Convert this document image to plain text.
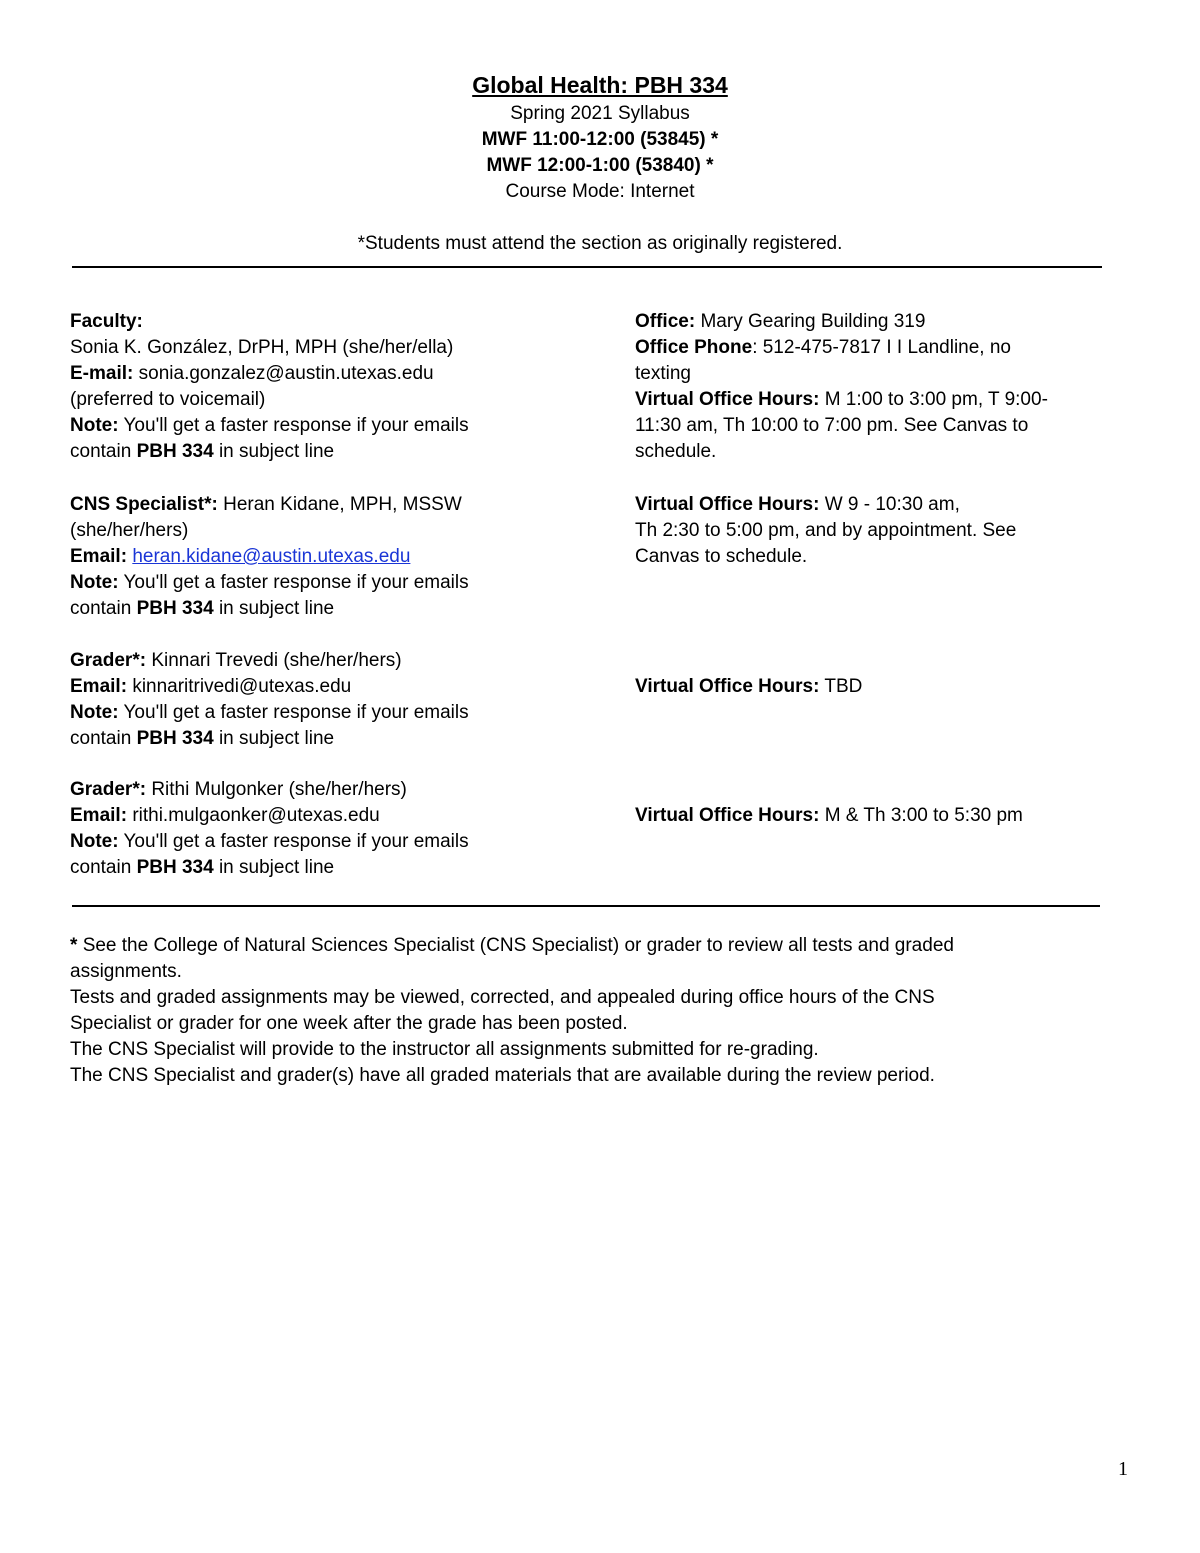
Global Health: PBH 334
Spring 2021 Syllabus
MWF 11:00-12:00 (53845) *
MWF 12:00-1:00 (53840) *
Course Mode: Internet
*Students must attend the section as originally registered.
Faculty:
Sonia K. González, DrPH, MPH (she/her/ella)
E-mail: sonia.gonzalez@austin.utexas.edu
(preferred to voicemail)
Note: You'll get a faster response if your emails
contain PBH 334 in subject line
Office: Mary Gearing Building 319
Office Phone: 512-475-7817 I I Landline, no
texting
Virtual Office Hours: M 1:00 to 3:00 pm, T 9:00-
11:30 am, Th 10:00 to 7:00 pm. See Canvas to
schedule.
CNS Specialist*: Heran Kidane, MPH, MSSW
(she/her/hers)
Email: heran.kidane@austin.utexas.edu
Note: You'll get a faster response if your emails
contain PBH 334 in subject line
Virtual Office Hours: W 9 - 10:30 am,
Th 2:30 to 5:00 pm, and by appointment. See
Canvas to schedule.
Grader*: Kinnari Trevedi (she/her/hers)
Email: kinnaritrivedi@utexas.edu
Note: You'll get a faster response if your emails
contain PBH 334 in subject line
Virtual Office Hours: TBD
Grader*: Rithi Mulgonker (she/her/hers)
Email: rithi.mulgaonker@utexas.edu
Note: You'll get a faster response if your emails
contain PBH 334 in subject line
Virtual Office Hours: M & Th 3:00 to 5:30 pm
* See the College of Natural Sciences Specialist (CNS Specialist) or grader to review all tests and graded
assignments.
Tests and graded assignments may be viewed, corrected, and appealed during office hours of the CNS
Specialist or grader for one week after the grade has been posted.
The CNS Specialist will provide to the instructor all assignments submitted for re-grading.
The CNS Specialist and grader(s) have all graded materials that are available during the review period.
1
